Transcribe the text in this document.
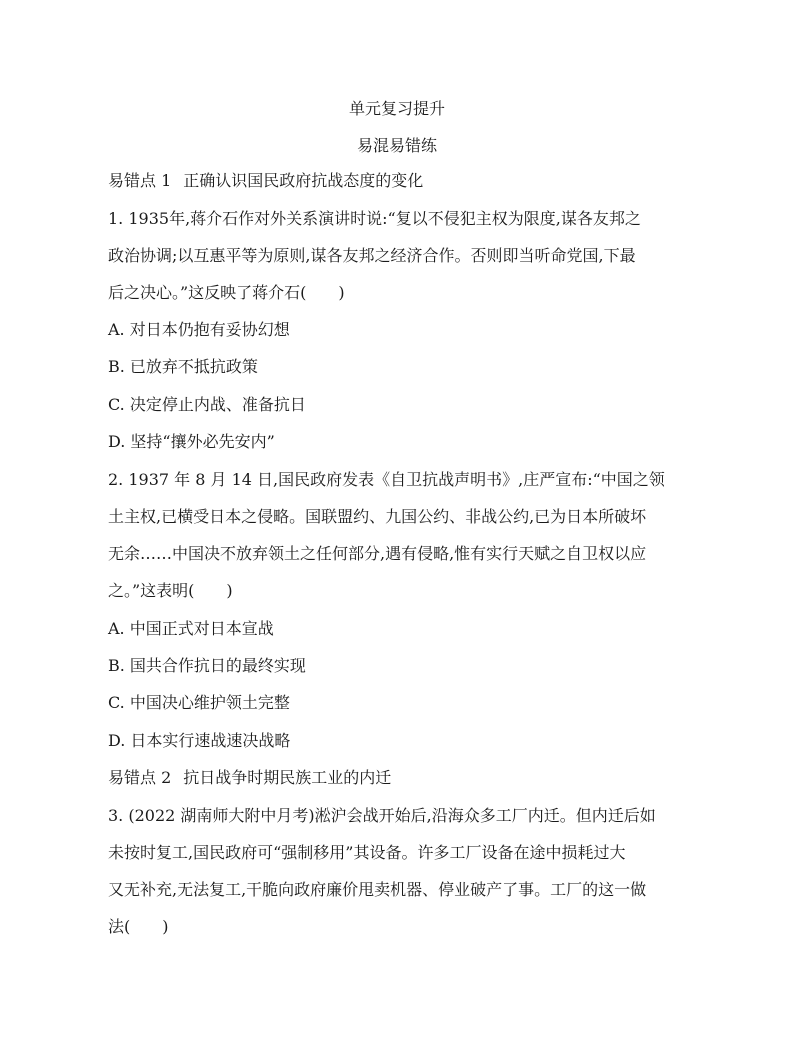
单元复习提升
易混易错练
易错点 1 正确认识国民政府抗战态度的变化
1. 1935年,蒋介石作对外关系演讲时说:“复以不侵犯主权为限度,谋各友邦之
政治协调;以互惠平等为原则,谋各友邦之经济合作。否则即当听命党国,下最
后之决心。”这反映了蒋介石(　　)
A. 对日本仍抱有妥协幻想
B. 已放弃不抵抗政策
C. 决定停止内战、准备抗日
D. 坚持“攘外必先安内”
2. 1937 年 8 月 14 日,国民政府发表《自卫抗战声明书》,庄严宣布:“中国之领
土主权,已横受日本之侵略。国联盟约、九国公约、非战公约,已为日本所破坏
无余……中国决不放弃领土之任何部分,遇有侵略,惟有实行天赋之自卫权以应
之。”这表明(　　)
A. 中国正式对日本宣战
B. 国共合作抗日的最终实现
C. 中国决心维护领土完整
D. 日本实行速战速决战略
易错点 2 抗日战争时期民族工业的内迁
3. (2022 湖南师大附中月考)淞沪会战开始后,沿海众多工厂内迁。但内迁后如
未按时复工,国民政府可“强制移用”其设备。许多工厂设备在途中损耗过大
又无补充,无法复工,干脆向政府廉价甩卖机器、停业破产了事。工厂的这一做
法(　　)
